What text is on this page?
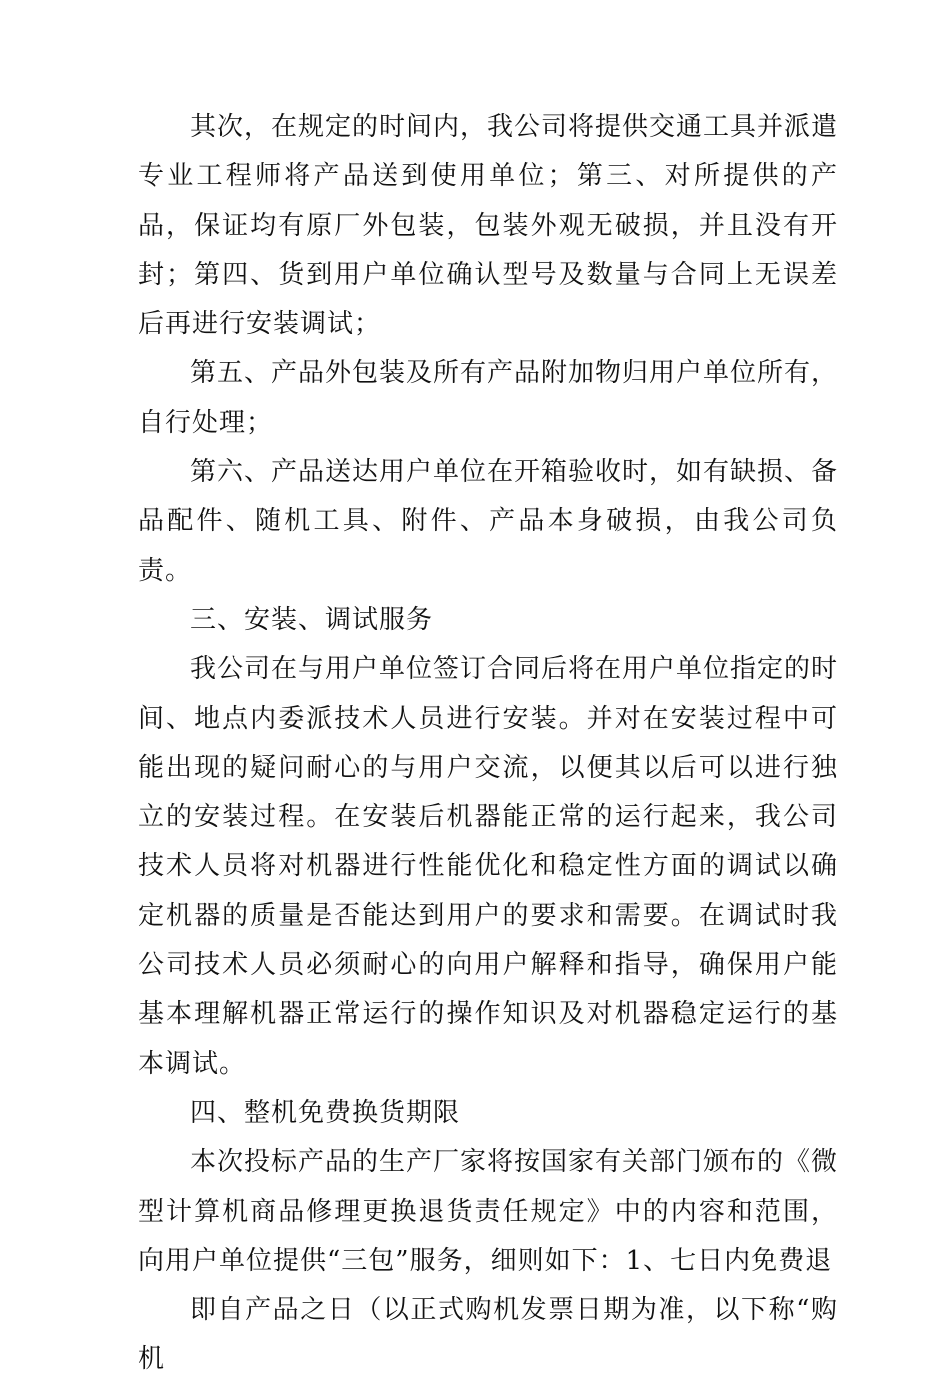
其次，在规定的时间内，我公司将提供交通工具并派遣专业工程师将产品送到使用单位；第三、对所提供的产品，保证均有原厂外包装，包装外观无破损，并且没有开封；第四、货到用户单位确认型号及数量与合同上无误差后再进行安装调试；

第五、产品外包装及所有产品附加物归用户单位所有，自行处理；

第六、产品送达用户单位在开箱验收时，如有缺损、备品配件、随机工具、附件、产品本身破损，由我公司负责。

三、安装、调试服务

我公司在与用户单位签订合同后将在用户单位指定的时间、地点内委派技术人员进行安装。并对在安装过程中可能出现的疑问耐心的与用户交流，以便其以后可以进行独立的安装过程。在安装后机器能正常的运行起来，我公司技术人员将对机器进行性能优化和稳定性方面的调试以确定机器的质量是否能达到用户的要求和需要。在调试时我公司技术人员必须耐心的向用户解释和指导，确保用户能基本理解机器正常运行的操作知识及对机器稳定运行的基本调试。

四、整机免费换货期限

本次投标产品的生产厂家将按国家有关部门颁布的《微型计算机商品修理更换退货责任规定》中的内容和范围，向用户单位提供“三包”服务，细则如下：1、七日内免费退

即自产品之日（以正式购机发票日期为准，以下称“购机
